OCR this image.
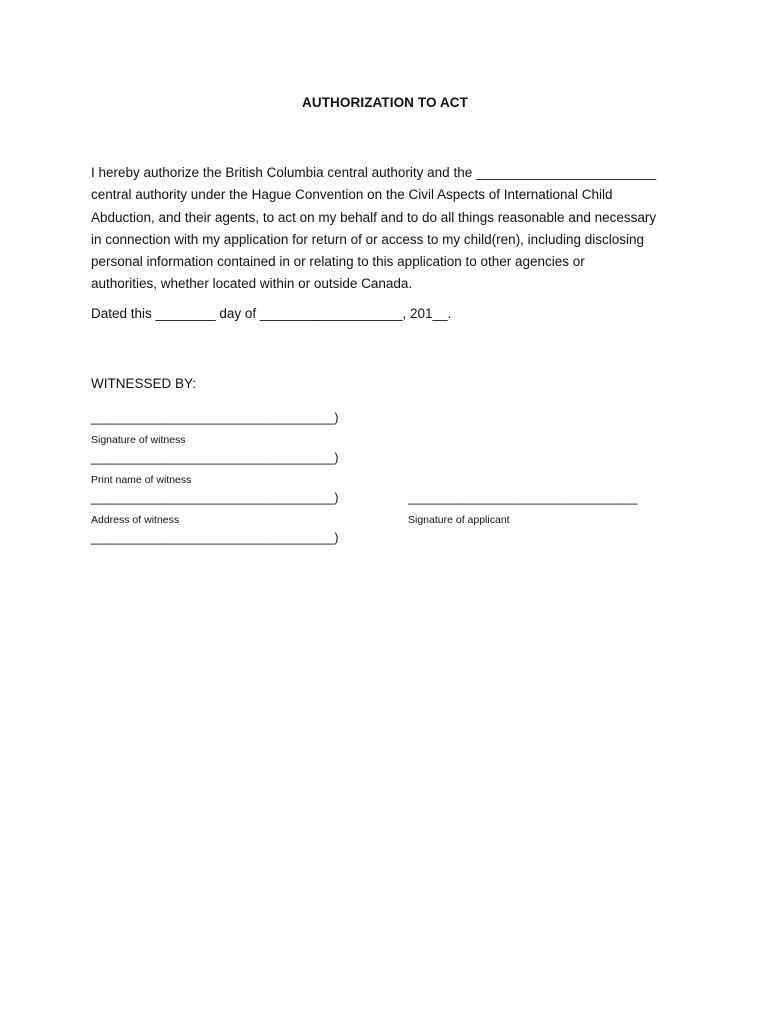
AUTHORIZATION TO ACT
I hereby authorize the British Columbia central authority and the ________________________
central authority under the Hague Convention on the Civil Aspects of International Child
Abduction, and their agents, to act on my behalf and to do all things reasonable and necessary
in connection with my application for return of or access to my child(ren), including disclosing
personal information contained in or relating to this application to other agencies or
authorities, whether located within or outside Canada.
Dated this ________ day of ___________________, 201__.
WITNESSED BY:
___________________________________)
Signature of witness
___________________________________)
Print name of witness
___________________________________)
Address of witness
_________________________________
Signature of applicant
___________________________________)
